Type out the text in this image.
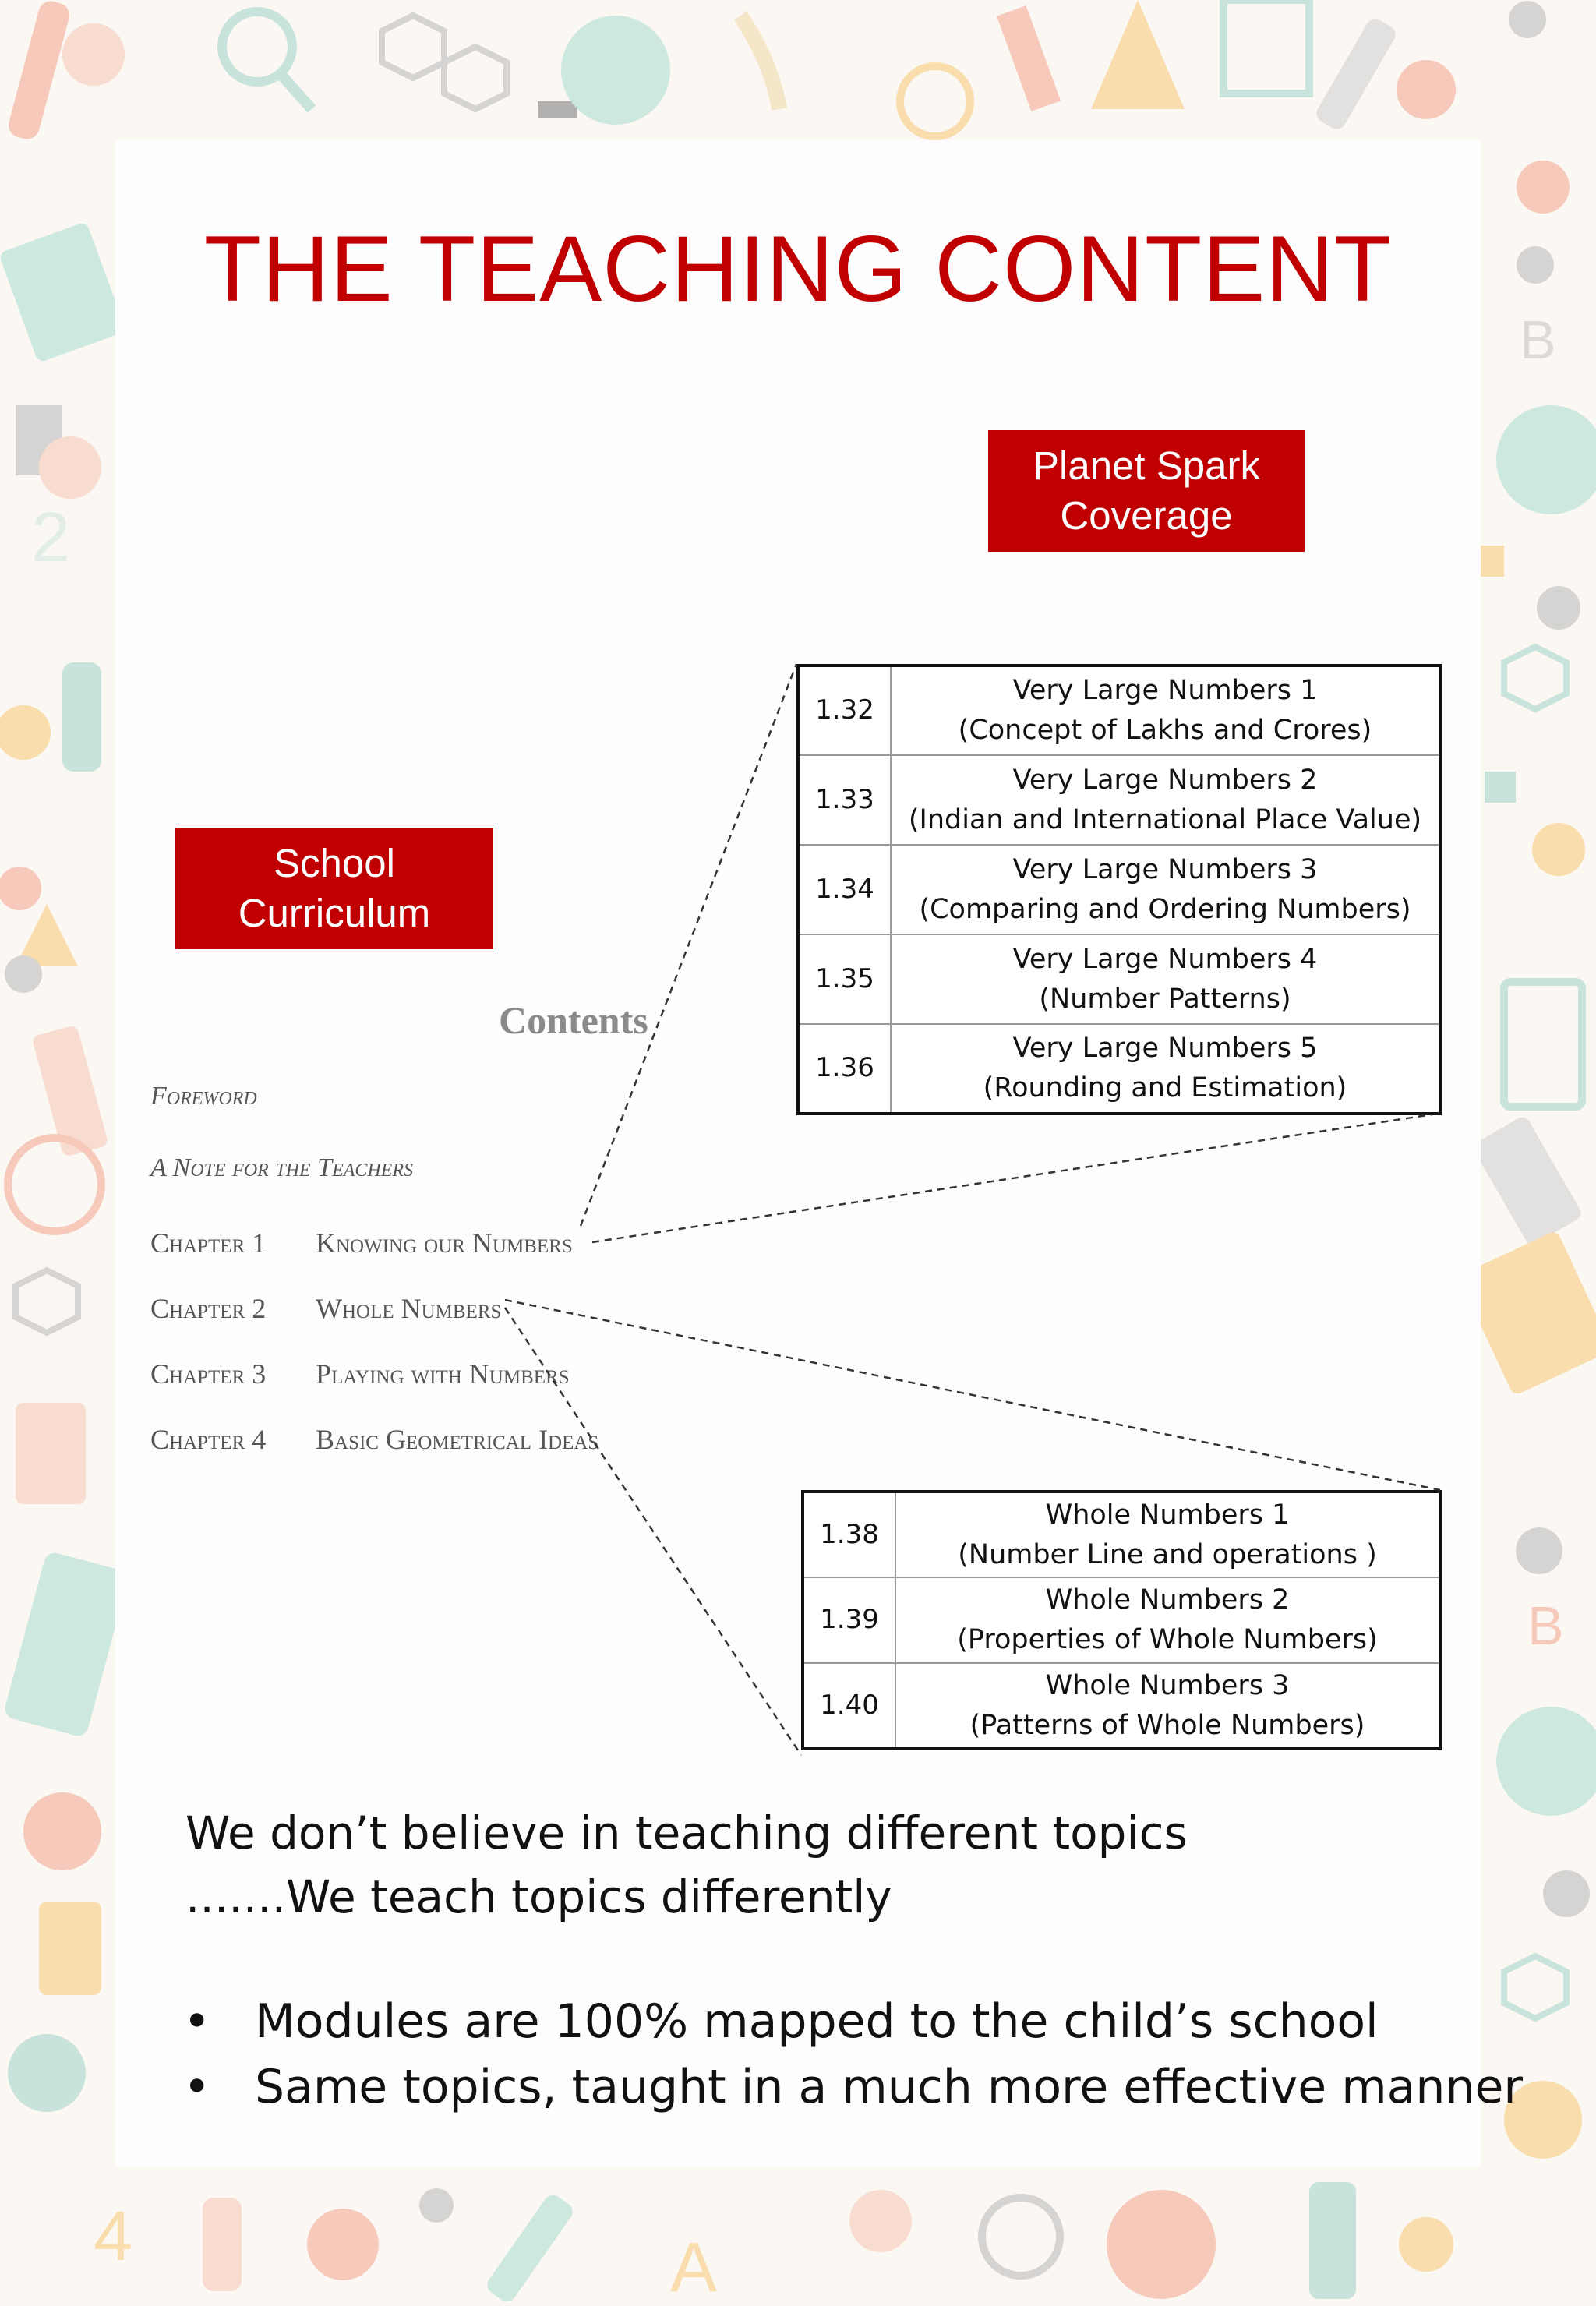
2
B
B
4	A
THE TEACHING CONTENT
Planet Spark
Coverage
School
Curriculum
Contents
Foreword
A Note for the Teachers
Chapter 1 Knowing our Numbers
Chapter 2 Whole Numbers
Chapter 3 Playing with Numbers
Chapter 4 Basic Geometrical Ideas
1.32	Very Large Numbers 1
(Concept of Lakhs and Crores)

1.33	Very Large Numbers 2
(Indian and International Place Value)

1.34	Very Large Numbers 3
(Comparing and Ordering Numbers)

1.35	Very Large Numbers 4
(Number Patterns)

1.36	Very Large Numbers 5
(Rounding and Estimation)
1.38	Whole Numbers 1
(Number Line and operations )

1.39	Whole Numbers 2
(Properties of Whole Numbers)

1.40	Whole Numbers 3
(Patterns of Whole Numbers)
We don’t believe in teaching different topics
.......We teach topics differently
• Modules are 100% mapped to the child’s school
• Same topics, taught in a much more effective manner
